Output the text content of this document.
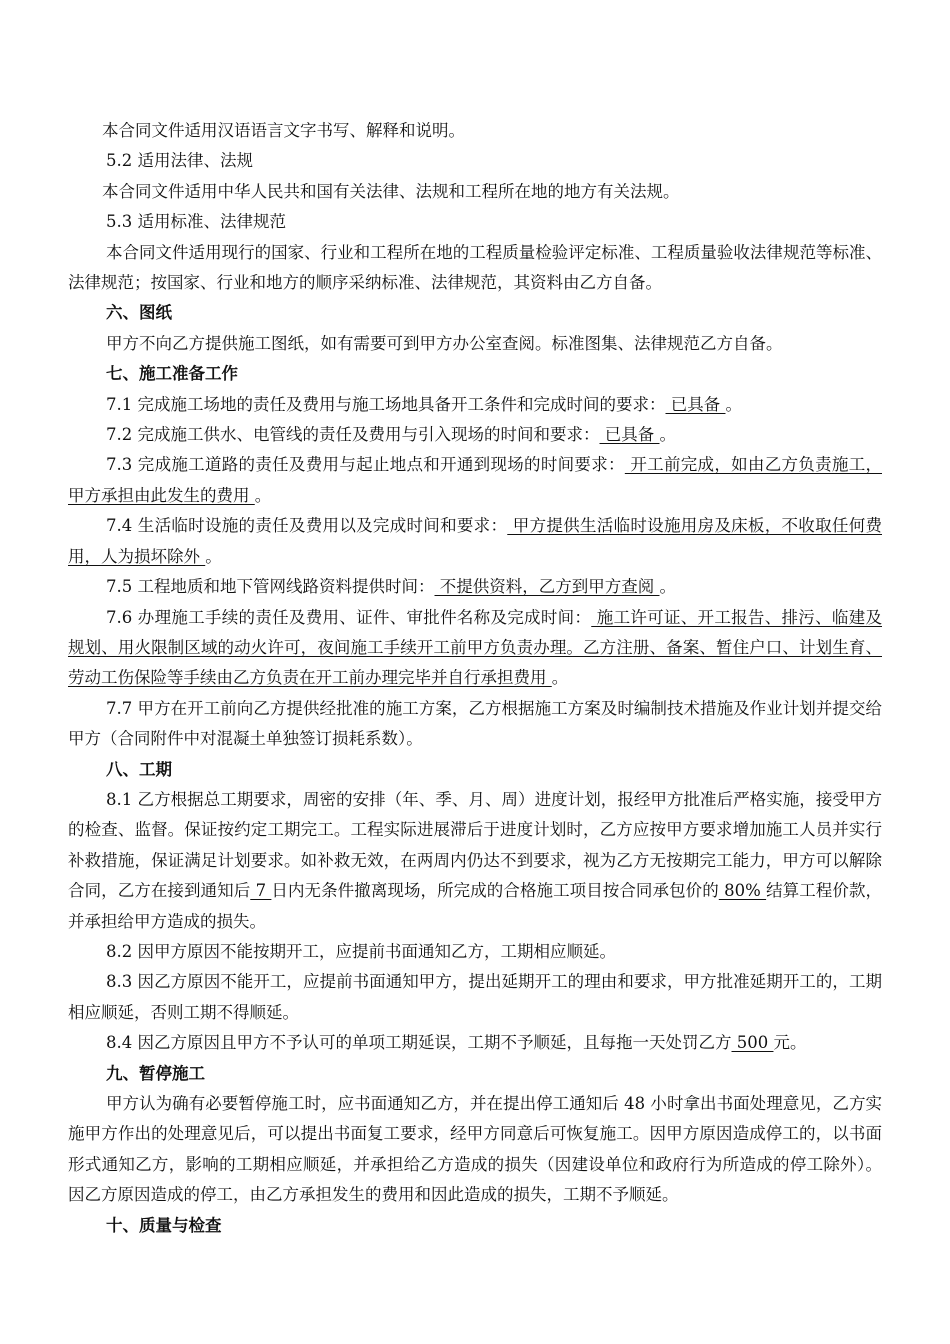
本合同文件适用汉语语言文字书写、解释和说明。

5.2 适用法律、法规

本合同文件适用中华人民共和国有关法律、法规和工程所在地的地方有关法规。

5.3 适用标准、法律规范

本合同文件适用现行的国家、行业和工程所在地的工程质量检验评定标准、工程质量验收法律规范等标准、法律规范；按国家、行业和地方的顺序采纳标准、法律规范，其资料由乙方自备。

六、图纸

甲方不向乙方提供施工图纸，如有需要可到甲方办公室查阅。标准图集、法律规范乙方自备。

七、施工准备工作

7.1 完成施工场地的责任及费用与施工场地具备开工条件和完成时间的要求： 已具备 。

7.2 完成施工供水、电管线的责任及费用与引入现场的时间和要求： 已具备 。

7.3 完成施工道路的责任及费用与起止地点和开通到现场的时间要求： 开工前完成，如由乙方负责施工，甲方承担由此发生的费用 。

7.4 生活临时设施的责任及费用以及完成时间和要求： 甲方提供生活临时设施用房及床板，不收取任何费用，人为损坏除外 。

7.5 工程地质和地下管网线路资料提供时间： 不提供资料，乙方到甲方查阅 。

7.6 办理施工手续的责任及费用、证件、审批件名称及完成时间： 施工许可证、开工报告、排污、临建及规划、用火限制区域的动火许可，夜间施工手续开工前甲方负责办理。乙方注册、备案、暂住户口、计划生育、劳动工伤保险等手续由乙方负责在开工前办理完毕并自行承担费用 。

7.7 甲方在开工前向乙方提供经批准的施工方案，乙方根据施工方案及时编制技术措施及作业计划并提交给甲方（合同附件中对混凝土单独签订损耗系数）。

八、工期

8.1 乙方根据总工期要求，周密的安排（年、季、月、周）进度计划，报经甲方批准后严格实施，接受甲方的检查、监督。保证按约定工期完工。工程实际进展滞后于进度计划时，乙方应按甲方要求增加施工人员并实行补救措施，保证满足计划要求。如补救无效，在两周内仍达不到要求，视为乙方无按期完工能力，甲方可以解除合同，乙方在接到通知后 7 日内无条件撤离现场，所完成的合格施工项目按合同承包价的 80% 结算工程价款，并承担给甲方造成的损失。

8.2 因甲方原因不能按期开工，应提前书面通知乙方，工期相应顺延。

8.3 因乙方原因不能开工，应提前书面通知甲方，提出延期开工的理由和要求，甲方批准延期开工的，工期相应顺延，否则工期不得顺延。

8.4 因乙方原因且甲方不予认可的单项工期延误，工期不予顺延，且每拖一天处罚乙方 500 元。

九、暂停施工

甲方认为确有必要暂停施工时，应书面通知乙方，并在提出停工通知后 48 小时拿出书面处理意见，乙方实施甲方作出的处理意见后，可以提出书面复工要求，经甲方同意后可恢复施工。因甲方原因造成停工的，以书面形式通知乙方，影响的工期相应顺延，并承担给乙方造成的损失（因建设单位和政府行为所造成的停工除外）。因乙方原因造成的停工，由乙方承担发生的费用和因此造成的损失，工期不予顺延。

十、质量与检查
